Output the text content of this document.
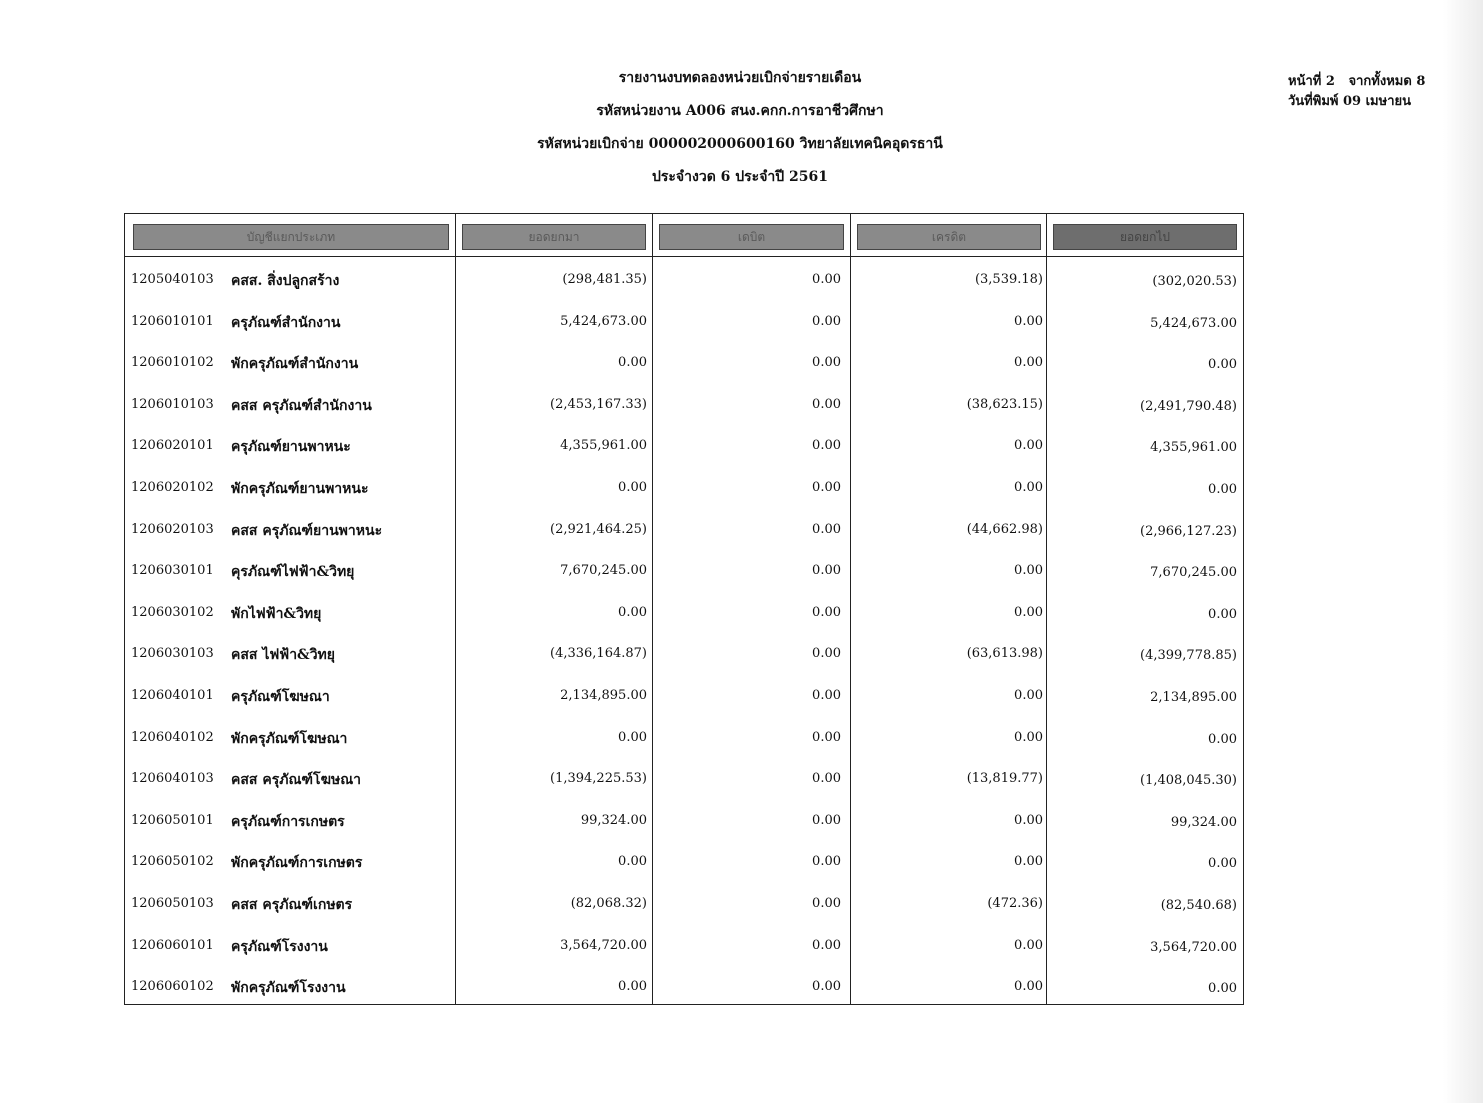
รายงานงบทดลองหน่วยเบิกจ่ายรายเดือน
รหัสหน่วยงาน A006 สนง.คกก.การอาชีวศึกษา
รหัสหน่วยเบิกจ่าย 000002000600160 วิทยาลัยเทคนิคอุดรธานี
ประจำงวด 6 ประจำปี 2561
หน้าที่ 2 จากทั้งหมด 8
วันที่พิมพ์ 09 เมษายน
บัญชีแยกประเภท	ยอดยกมา	เดบิต	เครดิต	ยอดยกไป
1205040103	คสส. สิ่งปลูกสร้าง	(298,481.35)	0.00	(3,539.18)	(302,020.53)
1206010101	ครุภัณฑ์สำนักงาน	5,424,673.00	0.00	0.00	5,424,673.00
1206010102	พักครุภัณฑ์สำนักงาน	0.00	0.00	0.00	0.00
1206010103	คสส ครุภัณฑ์สำนักงาน	(2,453,167.33)	0.00	(38,623.15)	(2,491,790.48)
1206020101	ครุภัณฑ์ยานพาหนะ	4,355,961.00	0.00	0.00	4,355,961.00
1206020102	พักครุภัณฑ์ยานพาหนะ	0.00	0.00	0.00	0.00
1206020103	คสส ครุภัณฑ์ยานพาหนะ	(2,921,464.25)	0.00	(44,662.98)	(2,966,127.23)
1206030101	คุรภัณฑ์ไฟฟ้า&วิทยุ	7,670,245.00	0.00	0.00	7,670,245.00
1206030102	พักไฟฟ้า&วิทยุ	0.00	0.00	0.00	0.00
1206030103	คสส ไฟฟ้า&วิทยุ	(4,336,164.87)	0.00	(63,613.98)	(4,399,778.85)
1206040101	ครุภัณฑ์โฆษณา	2,134,895.00	0.00	0.00	2,134,895.00
1206040102	พักครุภัณฑ์โฆษณา	0.00	0.00	0.00	0.00
1206040103	คสส ครุภัณฑ์โฆษณา	(1,394,225.53)	0.00	(13,819.77)	(1,408,045.30)
1206050101	ครุภัณฑ์การเกษตร	99,324.00	0.00	0.00	99,324.00
1206050102	พักครุภัณฑ์การเกษตร	0.00	0.00	0.00	0.00
1206050103	คสส ครุภัณฑ์เกษตร	(82,068.32)	0.00	(472.36)	(82,540.68)
1206060101	ครุภัณฑ์โรงงาน	3,564,720.00	0.00	0.00	3,564,720.00
1206060102	พักครุภัณฑ์โรงงาน	0.00	0.00	0.00	0.00
